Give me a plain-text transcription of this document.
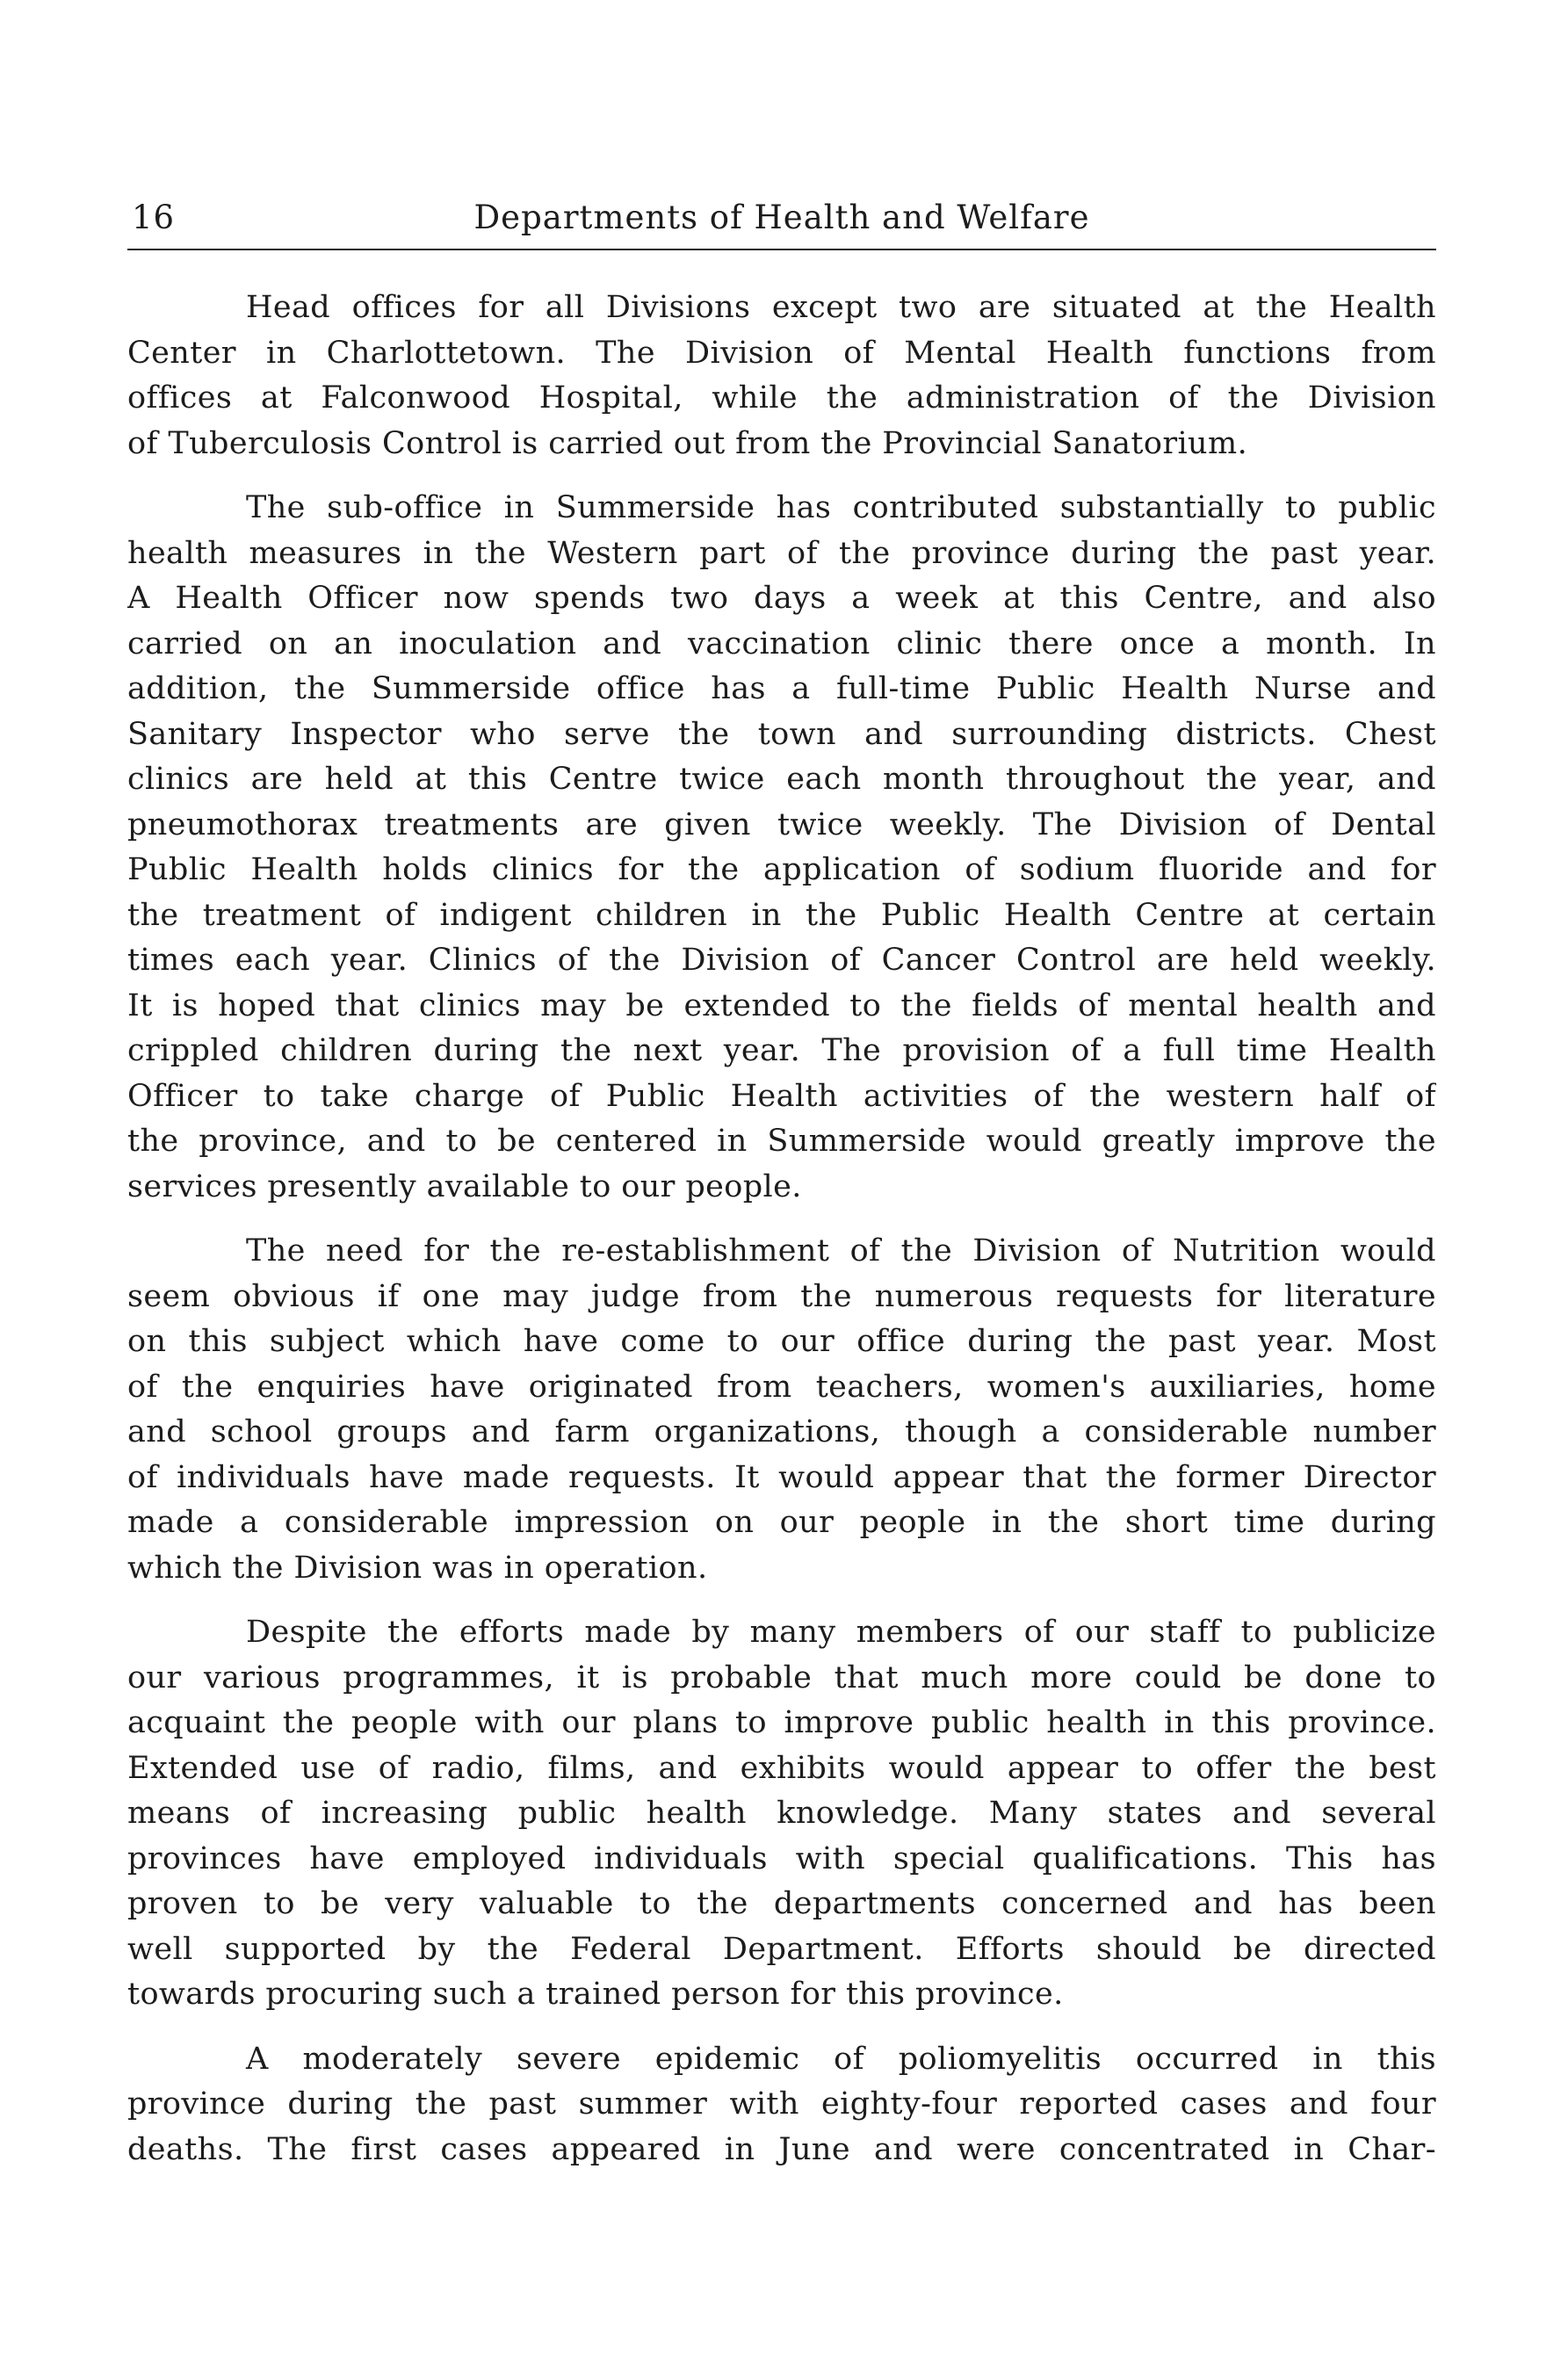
16	Departments of Health and Welfare
Head offices for all Divisions except two are situated at the Health
Center in Charlottetown. The Division of Mental Health functions from
offices at Falconwood Hospital, while the administration of the Division
of Tuberculosis Control is carried out from the Provincial Sanatorium.
The sub-office in Summerside has contributed substantially to public
health measures in the Western part of the province during the past year.
A Health Officer now spends two days a week at this Centre, and also
carried on an inoculation and vaccination clinic there once a month. In
addition, the Summerside office has a full-time Public Health Nurse and
Sanitary Inspector who serve the town and surrounding districts. Chest
clinics are held at this Centre twice each month throughout the year, and
pneumothorax treatments are given twice weekly. The Division of Dental
Public Health holds clinics for the application of sodium fluoride and for
the treatment of indigent children in the Public Health Centre at certain
times each year. Clinics of the Division of Cancer Control are held weekly.
It is hoped that clinics may be extended to the fields of mental health and
crippled children during the next year. The provision of a full time Health
Officer to take charge of Public Health activities of the western half of
the province, and to be centered in Summerside would greatly improve the
services presently available to our people.
The need for the re-establishment of the Division of Nutrition would
seem obvious if one may judge from the numerous requests for literature
on this subject which have come to our office during the past year. Most
of the enquiries have originated from teachers, women's auxiliaries, home
and school groups and farm organizations, though a considerable number
of individuals have made requests. It would appear that the former Director
made a considerable impression on our people in the short time during
which the Division was in operation.
Despite the efforts made by many members of our staff to publicize
our various programmes, it is probable that much more could be done to
acquaint the people with our plans to improve public health in this province.
Extended use of radio, films, and exhibits would appear to offer the best
means of increasing public health knowledge. Many states and several
provinces have employed individuals with special qualifications. This has
proven to be very valuable to the departments concerned and has been
well supported by the Federal Department. Efforts should be directed
towards procuring such a trained person for this province.
A moderately severe epidemic of poliomyelitis occurred in this
province during the past summer with eighty-four reported cases and four
deaths. The first cases appeared in June and were concentrated in Char-
